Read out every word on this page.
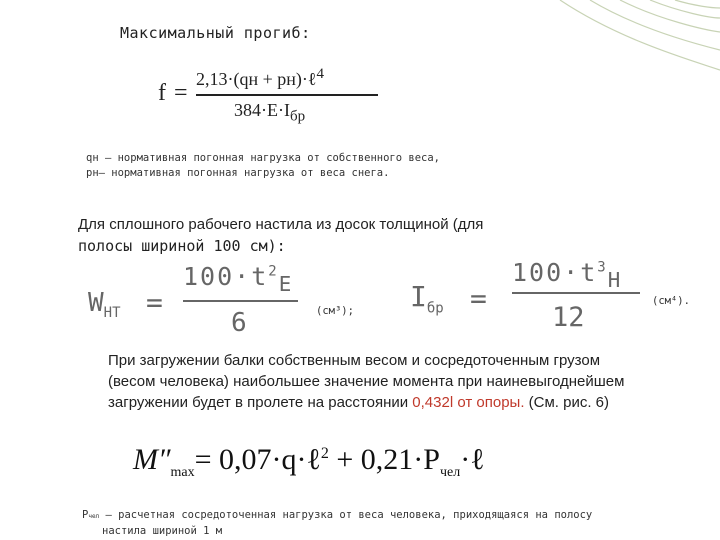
Максимальный прогиб:
f =
2,13·(qн + pн)·ℓ$^4$
$384\cdot E\cdot I_{бр}$
qн – нормативная погонная нагрузка от собственного веса,
pн– нормативная погонная нагрузка от веса снега.
Для сплошного рабочего настила из досок толщиной (для
полосы шириной 100 см):
$W_{НТ}$ =
$100\cdot t^2_Е$
6	(см³); $I_{бр}$ =
$100\cdot t^3_Н$
12
(см⁴).
При загружении балки собственным весом и сосредоточенным грузом (весом человека) наибольшее значение момента при наиневыгоднейшем загружении будет в пролете на расстоянии 0,432l от опоры. (См. рис. 6)
$M''_{max}=$ 0,07·q·ℓ$^2$ + $0,21\cdot P_{чел}\cdot\ell$
Pчел – расчетная сосредоточенная нагрузка от веса человека, приходящаяся на полосу
настила шириной 1 м
